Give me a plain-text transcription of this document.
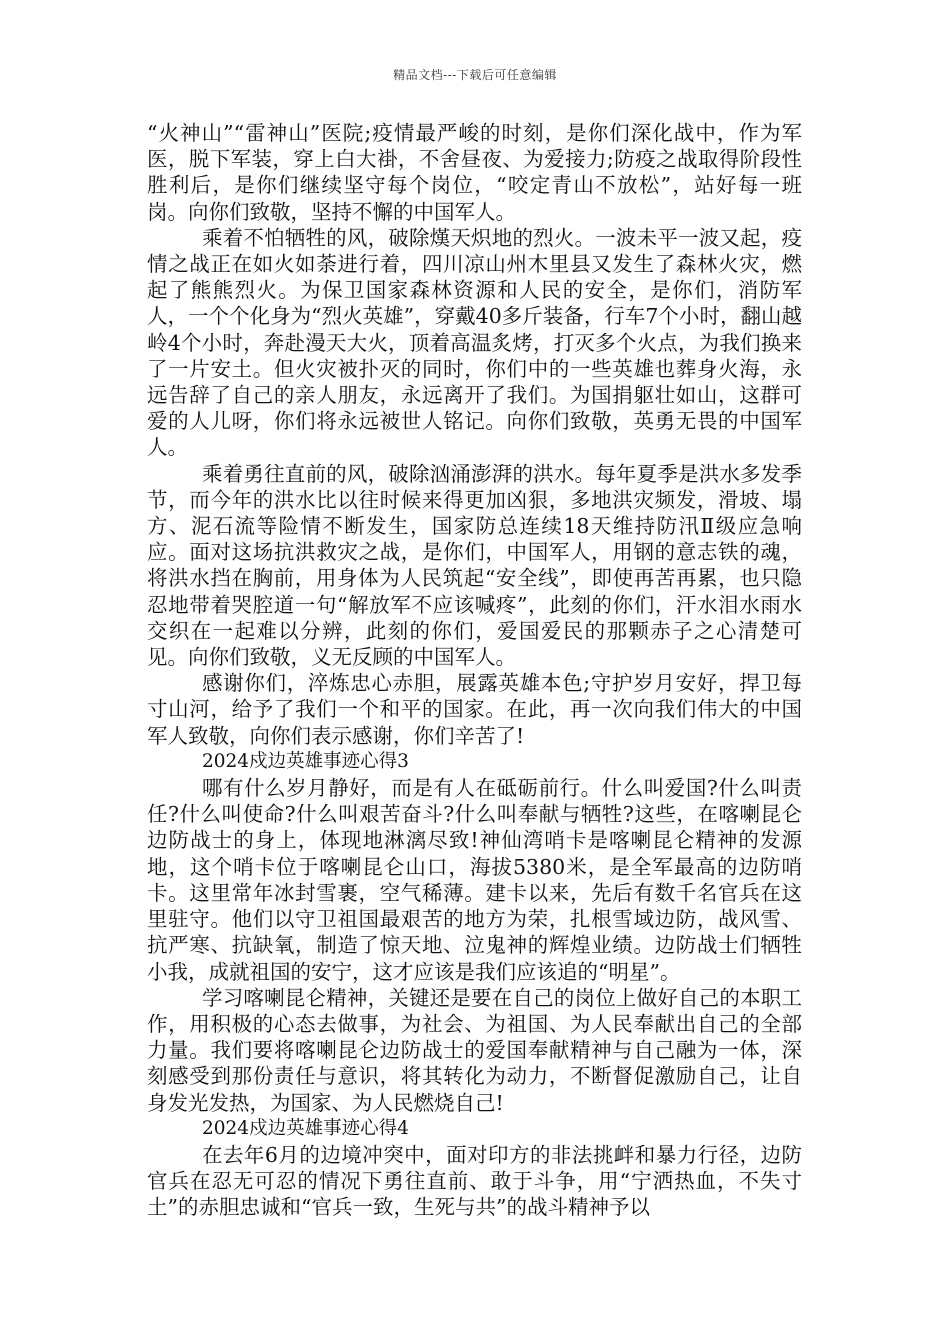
精品文档---下载后可任意编辑

“火神山”“雷神山”医院;疫情最严峻的时刻，是你们深化战中，作为军医，脱下军装，穿上白大褂，不舍昼夜、为爱接力;防疫之战取得阶段性胜利后，是你们继续坚守每个岗位，“咬定青山不放松”，站好每一班岗。向你们致敬，坚持不懈的中国军人。

乘着不怕牺牲的风，破除熯天炽地的烈火。一波未平一波又起，疫情之战正在如火如荼进行着，四川凉山州木里县又发生了森林火灾，燃起了熊熊烈火。为保卫国家森林资源和人民的安全，是你们，消防军人，一个个化身为“烈火英雄”，穿戴40多斤装备，行车7个小时，翻山越岭4个小时，奔赴漫天大火，顶着高温炙烤，打灭多个火点，为我们换来了一片安土。但火灾被扑灭的同时，你们中的一些英雄也葬身火海，永远告辞了自己的亲人朋友，永远离开了我们。为国捐躯壮如山，这群可爱的人儿呀，你们将永远被世人铭记。向你们致敬，英勇无畏的中国军人。

乘着勇往直前的风，破除汹涌澎湃的洪水。每年夏季是洪水多发季节，而今年的洪水比以往时候来得更加凶狠，多地洪灾频发，滑坡、塌方、泥石流等险情不断发生，国家防总连续18天维持防汛Ⅱ级应急响应。面对这场抗洪救灾之战，是你们，中国军人，用钢的意志铁的魂，将洪水挡在胸前，用身体为人民筑起“安全线”，即使再苦再累，也只隐忍地带着哭腔道一句“解放军不应该喊疼”，此刻的你们，汗水泪水雨水交织在一起难以分辨，此刻的你们，爱国爱民的那颗赤子之心清楚可见。向你们致敬，义无反顾的中国军人。

感谢你们，淬炼忠心赤胆，展露英雄本色;守护岁月安好，捍卫每寸山河，给予了我们一个和平的国家。在此，再一次向我们伟大的中国军人致敬，向你们表示感谢，你们辛苦了!

2024戍边英雄事迹心得3

哪有什么岁月静好，而是有人在砥砺前行。什么叫爱国?什么叫责任?什么叫使命?什么叫艰苦奋斗?什么叫奉献与牺牲?这些，在喀喇昆仑边防战士的身上，体现地淋漓尽致!神仙湾哨卡是喀喇昆仑精神的发源地，这个哨卡位于喀喇昆仑山口，海拔5380米，是全军最高的边防哨卡。这里常年冰封雪裹，空气稀薄。建卡以来，先后有数千名官兵在这里驻守。他们以守卫祖国最艰苦的地方为荣，扎根雪域边防，战风雪、抗严寒、抗缺氧，制造了惊天地、泣鬼神的辉煌业绩。边防战士们牺牲小我，成就祖国的安宁，这才应该是我们应该追的“明星”。

学习喀喇昆仑精神，关键还是要在自己的岗位上做好自己的本职工作，用积极的心态去做事，为社会、为祖国、为人民奉献出自己的全部力量。我们要将喀喇昆仑边防战士的爱国奉献精神与自己融为一体，深刻感受到那份责任与意识，将其转化为动力，不断督促激励自己，让自身发光发热，为国家、为人民燃烧自己!

2024戍边英雄事迹心得4

在去年6月的边境冲突中，面对印方的非法挑衅和暴力行径，边防官兵在忍无可忍的情况下勇往直前、敢于斗争，用“宁洒热血，不失寸土”的赤胆忠诚和“官兵一致，生死与共”的战斗精神予以
